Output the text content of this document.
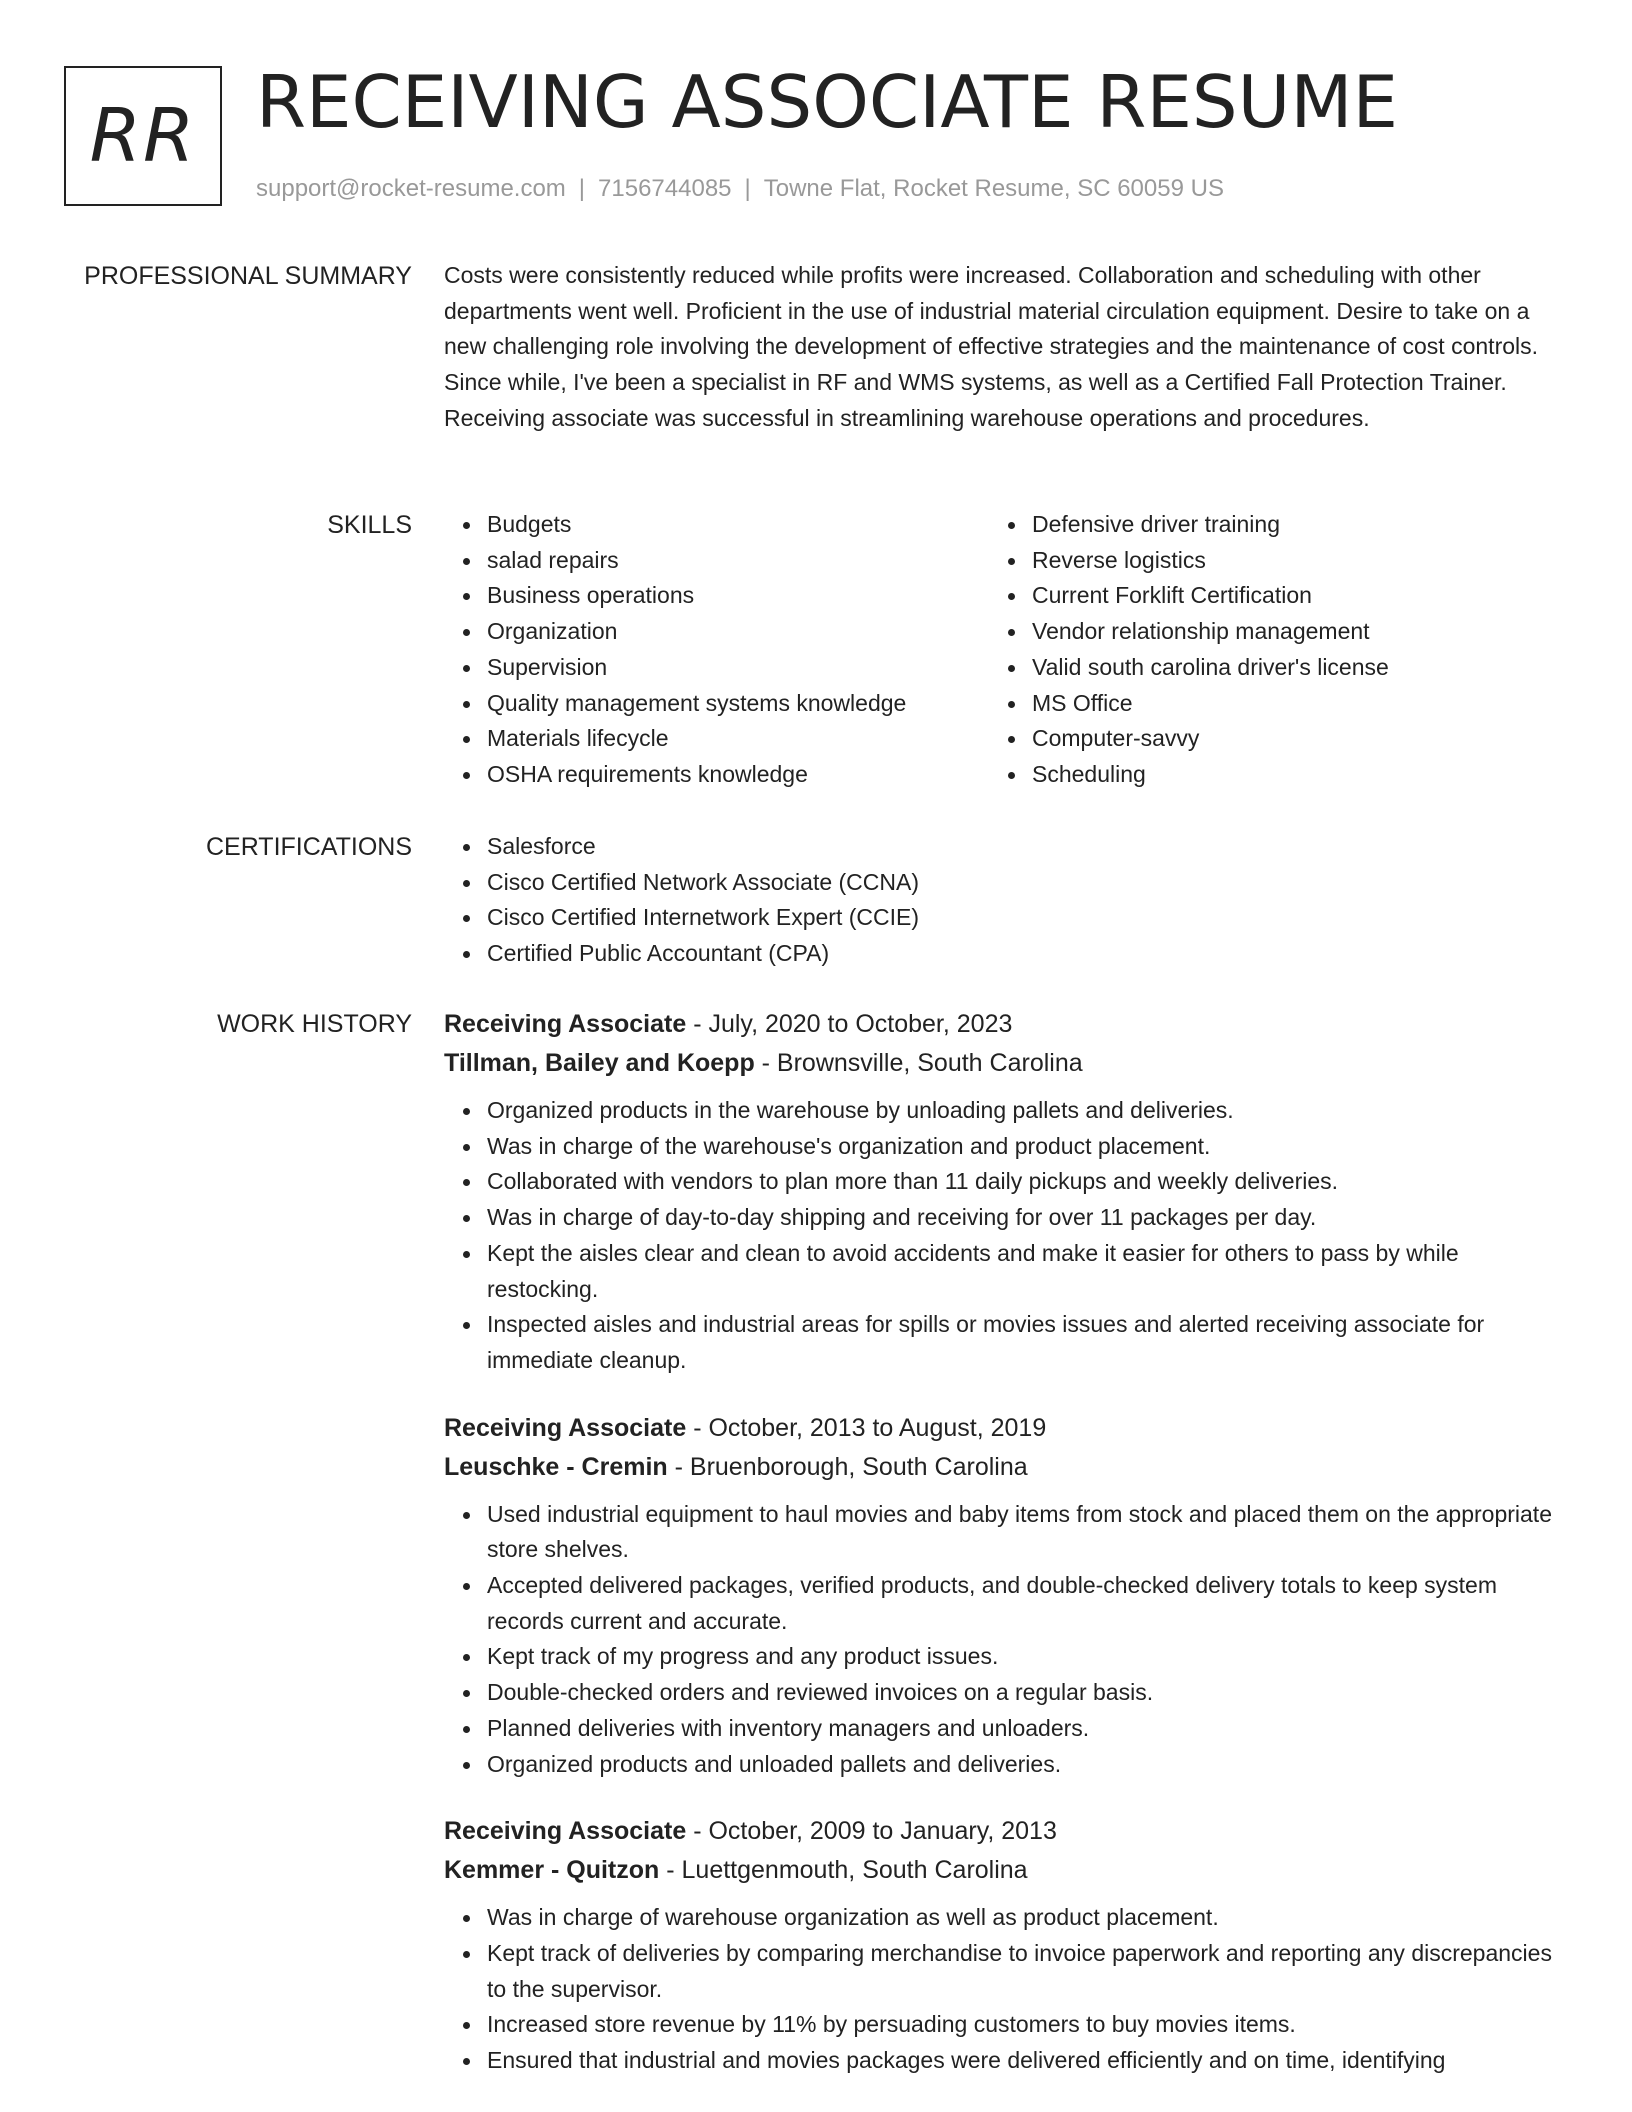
RR RECEIVING ASSOCIATE RESUME
support@rocket-resume.com | 7156744085 | Towne Flat, Rocket Resume, SC 60059 US
PROFESSIONAL SUMMARY Costs were consistently reduced while profits were increased. Collaboration and scheduling with other departments went well. Proficient in the use of industrial material circulation equipment. Desire to take on a new challenging role involving the development of effective strategies and the maintenance of cost controls. Since while, I've been a specialist in RF and WMS systems, as well as a Certified Fall Protection Trainer. Receiving associate was successful in streamlining warehouse operations and procedures.

SKILLS	Budgets
salad repairs
Business operations
Organization
Supervision
Quality management systems knowledge
Materials lifecycle
OSHA requirements knowledge
Defensive driver training
Reverse logistics
Current Forklift Certification
Vendor relationship management
Valid south carolina driver's license
MS Office
Computer-savvy
Scheduling
CERTIFICATIONS	Salesforce
Cisco Certified Network Associate (CCNA)
Cisco Certified Internetwork Expert (CCIE)
Certified Public Accountant (CPA)
WORK HISTORY Receiving Associate - July, 2020 to October, 2023
Tillman, Bailey and Koepp - Brownsville, South Carolina
Organized products in the warehouse by unloading pallets and deliveries.
Was in charge of the warehouse's organization and product placement.
Collaborated with vendors to plan more than 11 daily pickups and weekly deliveries.
Was in charge of day-to-day shipping and receiving for over 11 packages per day.
Kept the aisles clear and clean to avoid accidents and make it easier for others to pass by while restocking.
Inspected aisles and industrial areas for spills or movies issues and alerted receiving associate for immediate cleanup.
Receiving Associate - October, 2013 to August, 2019
Leuschke - Cremin - Bruenborough, South Carolina
Used industrial equipment to haul movies and baby items from stock and placed them on the appropriate store shelves.
Accepted delivered packages, verified products, and double-checked delivery totals to keep system records current and accurate.
Kept track of my progress and any product issues.
Double-checked orders and reviewed invoices on a regular basis.
Planned deliveries with inventory managers and unloaders.
Organized products and unloaded pallets and deliveries.
Receiving Associate - October, 2009 to January, 2013
Kemmer - Quitzon - Luettgenmouth, South Carolina
Was in charge of warehouse organization as well as product placement.
Kept track of deliveries by comparing merchandise to invoice paperwork and reporting any discrepancies to the supervisor.
Increased store revenue by 11% by persuading customers to buy movies items.
Ensured that industrial and movies packages were delivered efficiently and on time, identifying
